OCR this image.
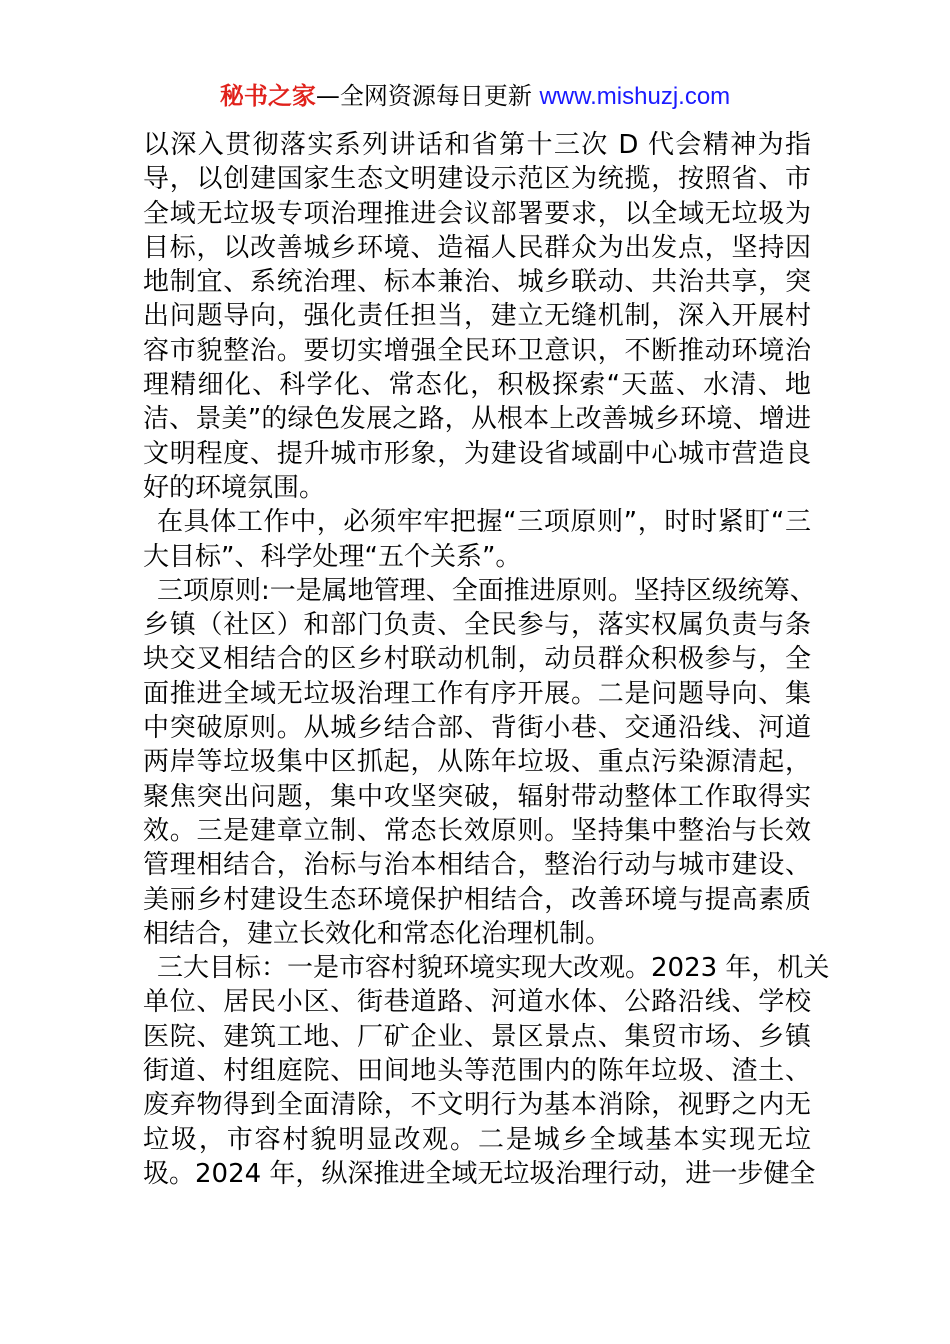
秘书之家—全网资源每日更新 www.mishuzj.com
以深入贯彻落实系列讲话和省第十三次 D 代会精神为指
导，以创建国家生态文明建设示范区为统揽，按照省、市
全域无垃圾专项治理推进会议部署要求，以全域无垃圾为
目标，以改善城乡环境、造福人民群众为出发点，坚持因
地制宜、系统治理、标本兼治、城乡联动、共治共享，突
出问题导向，强化责任担当，建立无缝机制，深入开展村
容市貌整治。要切实增强全民环卫意识，不断推动环境治
理精细化、科学化、常态化，积极探索“天蓝、水清、地
洁、景美”的绿色发展之路，从根本上改善城乡环境、增进
文明程度、提升城市形象，为建设省域副中心城市营造良
好的环境氛围。
在具体工作中，必须牢牢把握“三项原则”，时时紧盯“三
大目标”、科学处理“五个关系”。
三项原则:一是属地管理、全面推进原则。坚持区级统筹、
乡镇（社区）和部门负责、全民参与，落实权属负责与条
块交叉相结合的区乡村联动机制，动员群众积极参与，全
面推进全域无垃圾治理工作有序开展。二是问题导向、集
中突破原则。从城乡结合部、背街小巷、交通沿线、河道
两岸等垃圾集中区抓起，从陈年垃圾、重点污染源清起，
聚焦突出问题，集中攻坚突破，辐射带动整体工作取得实
效。三是建章立制、常态长效原则。坚持集中整治与长效
管理相结合，治标与治本相结合，整治行动与城市建设、
美丽乡村建设生态环境保护相结合，改善环境与提高素质
相结合，建立长效化和常态化治理机制。
三大目标：一是市容村貌环境实现大改观。2023 年，机关
单位、居民小区、街巷道路、河道水体、公路沿线、学校
医院、建筑工地、厂矿企业、景区景点、集贸市场、乡镇
街道、村组庭院、田间地头等范围内的陈年垃圾、渣土、
废弃物得到全面清除，不文明行为基本消除，视野之内无
垃圾，市容村貌明显改观。二是城乡全域基本实现无垃
圾。2024 年，纵深推进全域无垃圾治理行动，进一步健全
